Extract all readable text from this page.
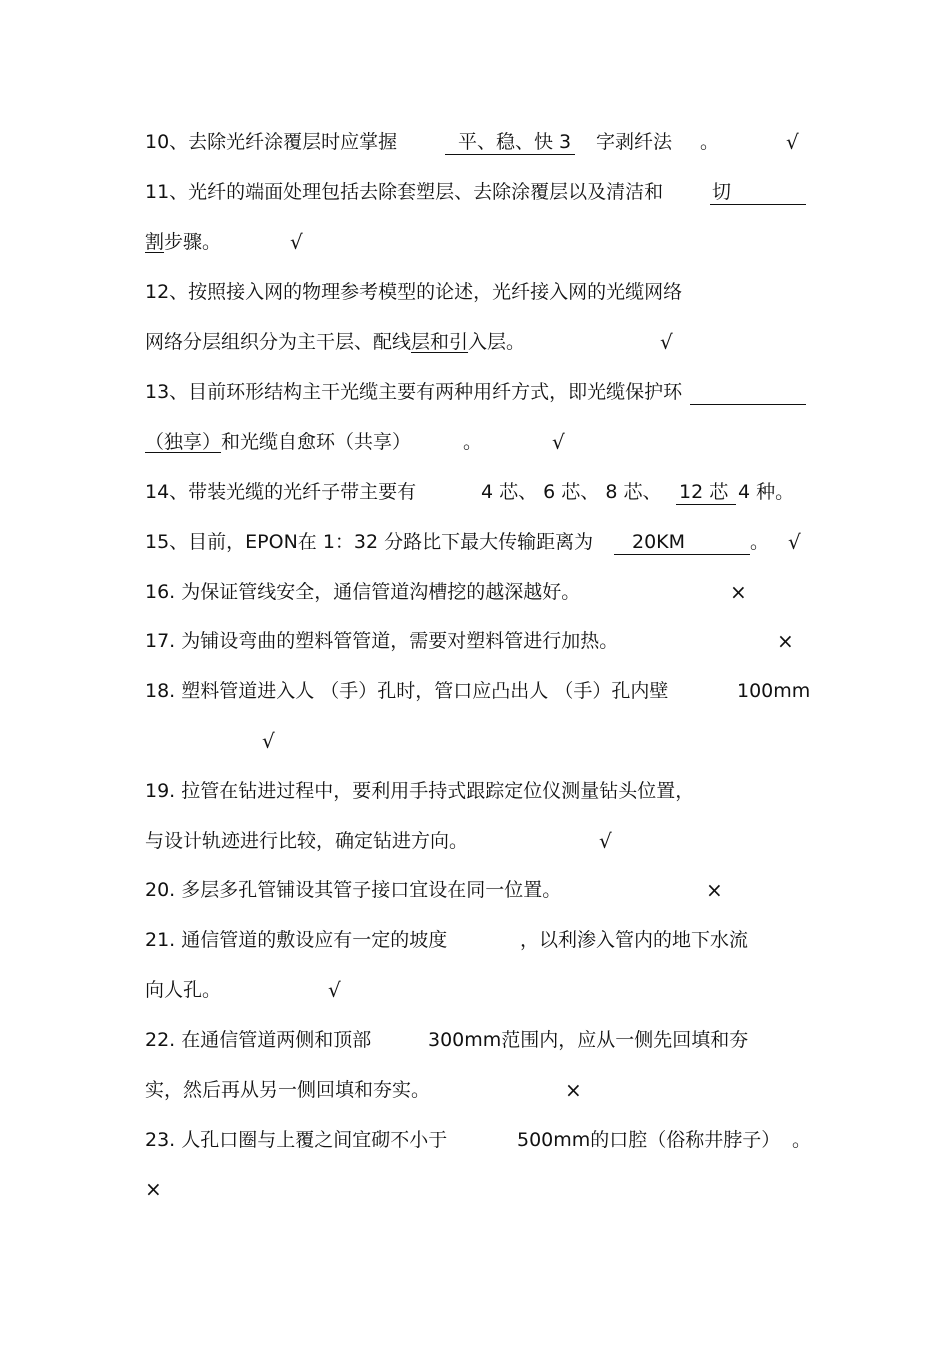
10、去除光纤涂覆层时应掌握	平、稳、快 3 字剥纤法 。	√
11、光纤的端面处理包括去除套塑层、去除涂覆层以及清洁和	切
割步骤。	√
12、按照接入网的物理参考模型的论述，光纤接入网的光缆网络
网络分层组织分为主干层、配线层和引入层。	√
13、目前环形结构主干光缆主要有两种用纤方式，即光缆保护环
（独享）和光缆自愈环（共享）	。	√
14、带装光缆的光纤子带主要有	4 芯、 6 芯、 8 芯、 12 芯 4 种。
15、目前，EPON在 1：32 分路比下最大传输距离为 20KM	。 √
16. 为保证管线安全，通信管道沟槽挖的越深越好。	×
17. 为铺设弯曲的塑料管管道，需要对塑料管进行加热。	×
18. 塑料管道进入人 （手）孔时，管口应凸出人 （手）孔内壁	100mm
√
19. 拉管在钻进过程中，要利用手持式跟踪定位仪测量钻头位置，
与设计轨迹进行比较，确定钻进方向。	√
20. 多层多孔管铺设其管子接口宜设在同一位置。	×
21. 通信管道的敷设应有一定的坡度	，以利渗入管内的地下水流
向人孔。	√
22. 在通信管道两侧和顶部	300mm范围内，应从一侧先回填和夯
实，然后再从另一侧回填和夯实。	×
23. 人孔口圈与上覆之间宜砌不小于	500mm的口腔（俗称井脖子） 。
×
